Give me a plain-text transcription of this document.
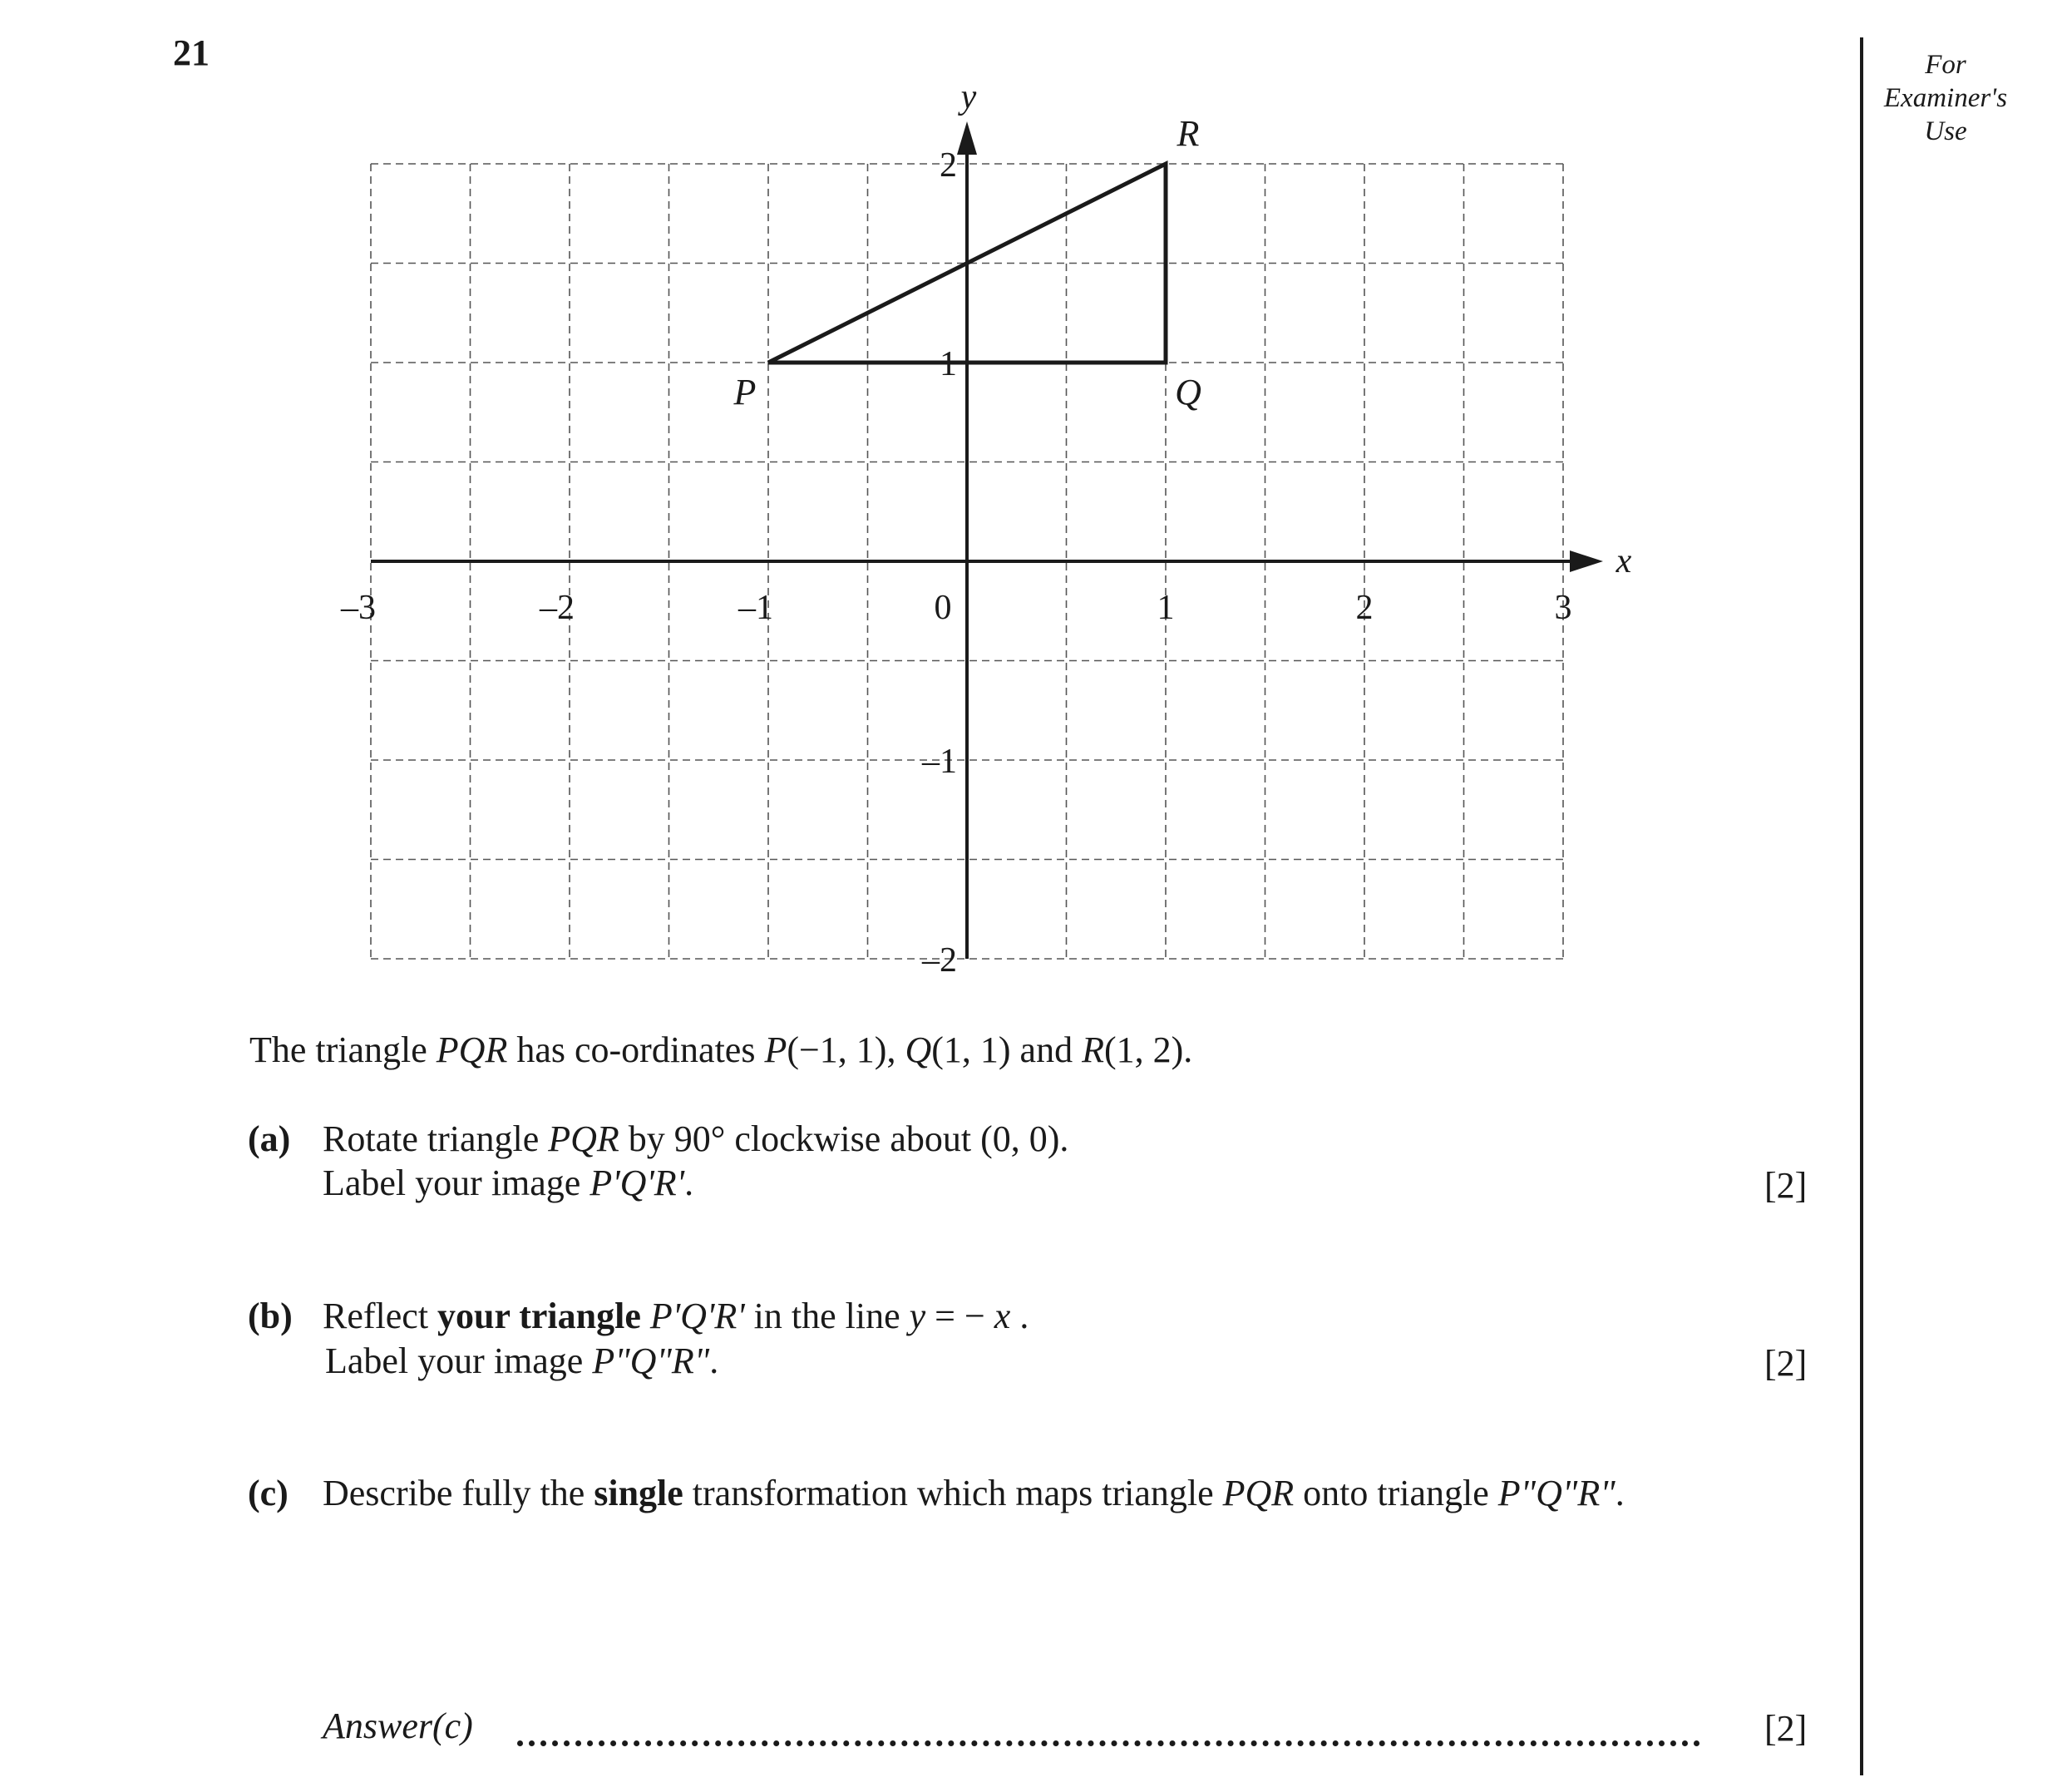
21	For
Examiner's
Use
x
y
–3	–2	–1	0	1	2	3
2
1
–1
–2
P	Q
R
The triangle PQR has co-ordinates P(−1, 1), Q(1, 1) and R(1, 2).
(a) Rotate triangle PQR by 90° clockwise about (0, 0).
Label your image P'Q'R'.	[2]
(b) Reflect your triangle P'Q'R' in the line y = − x .
Label your image P"Q"R".	[2]
(c) Describe fully the single transformation which maps triangle PQR onto triangle P"Q"R".
Answer(c)	[2]
